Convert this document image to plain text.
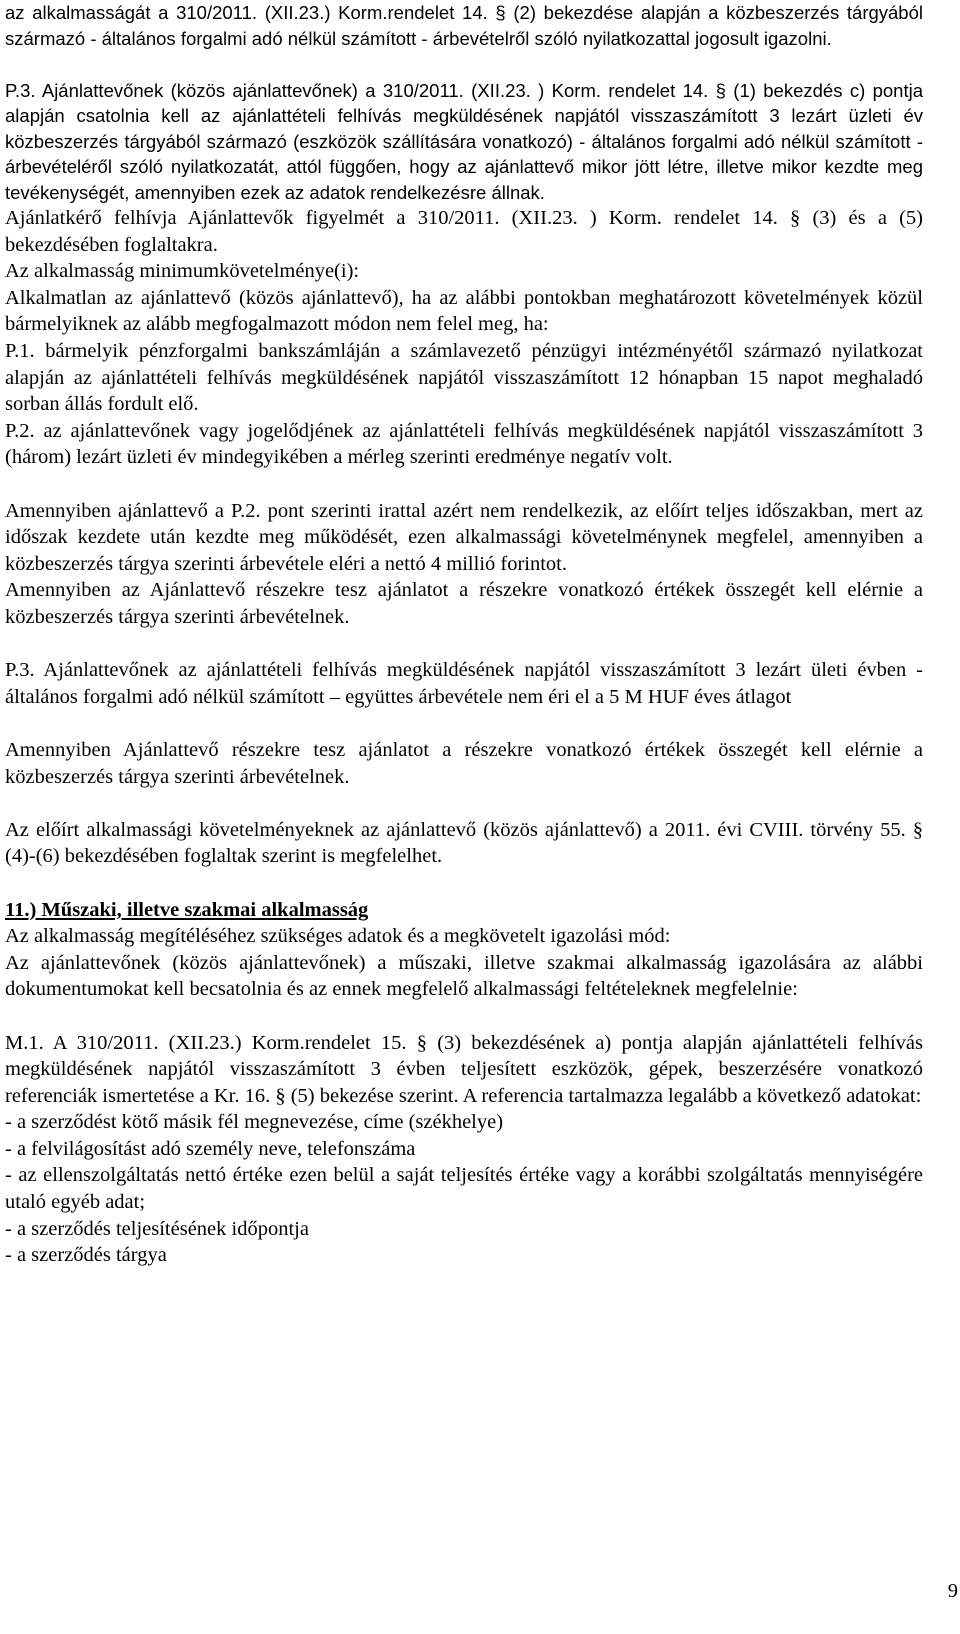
az alkalmasságát a 310/2011. (XII.23.) Korm.rendelet 14. § (2) bekezdése alapján a közbeszerzés tárgyából származó - általános forgalmi adó nélkül számított - árbevételről szóló nyilatkozattal jogosult igazolni.

P.3. Ajánlattevőnek (közös ajánlattevőnek) a 310/2011. (XII.23. ) Korm. rendelet 14. § (1) bekezdés c) pontja alapján csatolnia kell az ajánlattételi felhívás megküldésének napjától visszaszámított 3 lezárt üzleti év közbeszerzés tárgyából származó (eszközök szállítására vonatkozó) - általános forgalmi adó nélkül számított - árbevételéről szóló nyilatkozatát, attól függően, hogy az ajánlattevő mikor jött létre, illetve mikor kezdte meg tevékenységét, amennyiben ezek az adatok rendelkezésre állnak.

Ajánlatkérő felhívja Ajánlattevők figyelmét a 310/2011. (XII.23. ) Korm. rendelet 14. § (3) és a (5) bekezdésében foglaltakra.

Az alkalmasság minimumkövetelménye(i):

Alkalmatlan az ajánlattevő (közös ajánlattevő), ha az alábbi pontokban meghatározott követelmények közül bármelyiknek az alább megfogalmazott módon nem felel meg, ha:

P.1. bármelyik pénzforgalmi bankszámláján a számlavezető pénzügyi intézményétől származó nyilatkozat alapján az ajánlattételi felhívás megküldésének napjától visszaszámított 12 hónapban 15 napot meghaladó sorban állás fordult elő.

P.2. az ajánlattevőnek vagy jogelődjének az ajánlattételi felhívás megküldésének napjától visszaszámított 3 (három) lezárt üzleti év mindegyikében a mérleg szerinti eredménye negatív volt.

Amennyiben ajánlattevő a P.2. pont szerinti irattal azért nem rendelkezik, az előírt teljes időszakban, mert az időszak kezdete után kezdte meg működését, ezen alkalmassági követelménynek megfelel, amennyiben a közbeszerzés tárgya szerinti árbevétele eléri a nettó 4 millió forintot.

Amennyiben az Ajánlattevő részekre tesz ajánlatot a részekre vonatkozó értékek összegét kell elérnie a közbeszerzés tárgya szerinti árbevételnek.

P.3. Ajánlattevőnek az ajánlattételi felhívás megküldésének napjától visszaszámított 3 lezárt ületi évben - általános forgalmi adó nélkül számított – együttes árbevétele nem éri el a 5 M HUF éves átlagot

Amennyiben Ajánlattevő részekre tesz ajánlatot a részekre vonatkozó értékek összegét kell elérnie a közbeszerzés tárgya szerinti árbevételnek.

Az előírt alkalmassági követelményeknek az ajánlattevő (közös ajánlattevő) a 2011. évi CVIII. törvény 55. § (4)-(6) bekezdésében foglaltak szerint is megfelelhet.

11.) Műszaki, illetve szakmai alkalmasság

Az alkalmasság megítéléséhez szükséges adatok és a megkövetelt igazolási mód:

Az ajánlattevőnek (közös ajánlattevőnek) a műszaki, illetve szakmai alkalmasság igazolására az alábbi dokumentumokat kell becsatolnia és az ennek megfelelő alkalmassági feltételeknek megfelelnie:

M.1. A 310/2011. (XII.23.) Korm.rendelet 15. § (3) bekezdésének a) pontja alapján ajánlattételi felhívás megküldésének napjától visszaszámított 3 évben teljesített eszközök, gépek, beszerzésére vonatkozó referenciák ismertetése a Kr. 16. § (5) bekezése szerint. A referencia tartalmazza legalább a következő adatokat:

- a szerződést kötő másik fél megnevezése, címe (székhelye)

- a felvilágosítást adó személy neve, telefonszáma

- az ellenszolgáltatás nettó értéke ezen belül a saját teljesítés értéke vagy a korábbi szolgáltatás mennyiségére utaló egyéb adat;

- a szerződés teljesítésének időpontja

- a szerződés tárgya

9
